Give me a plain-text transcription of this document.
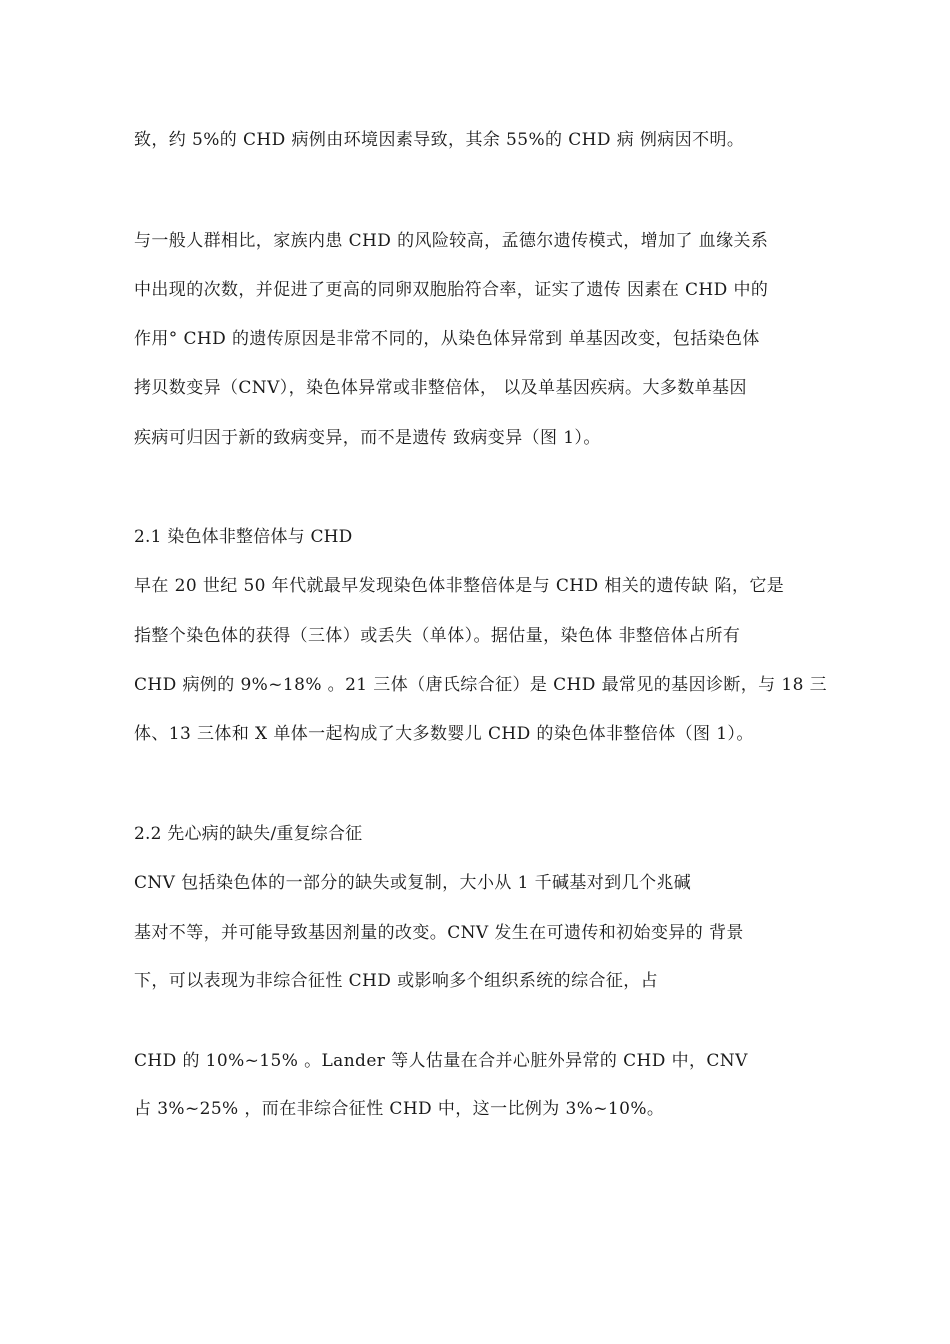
致，约 5%的 CHD 病例由环境因素导致，其余 55%的 CHD 病 例病因不明。
与一般人群相比，家族内患 CHD 的风险较高，孟德尔遗传模式，增加了 血缘关系
中出现的次数，并促进了更高的同卵双胞胎符合率，证实了遗传 因素在 CHD 中的
作用° CHD 的遗传原因是非常不同的，从染色体异常到 单基因改变，包括染色体
拷贝数变异（CNV），染色体异常或非整倍体， 以及单基因疾病。大多数单基因
疾病可归因于新的致病变异，而不是遗传 致病变异（图 1）。
2.1 染色体非整倍体与 CHD
早在 20 世纪 50 年代就最早发现染色体非整倍体是与 CHD 相关的遗传缺 陷，它是
指整个染色体的获得（三体）或丢失（单体）。据估量，染色体 非整倍体占所有
CHD 病例的 9%~18% 。21 三体（唐氏综合征）是 CHD 最常见的基因诊断，与 18 三
体、13 三体和 X 单体一起构成了大多数婴儿 CHD 的染色体非整倍体（图 1）。
2.2 先心病的缺失/重复综合征
CNV 包括染色体的一部分的缺失或复制，大小从 1 千碱基对到几个兆碱
基对不等，并可能导致基因剂量的改变。CNV 发生在可遗传和初始变异的 背景
下，可以表现为非综合征性 CHD 或影响多个组织系统的综合征，占
CHD 的 10%~15% 。Lander 等人估量在合并心脏外异常的 CHD 中，CNV
占 3%~25% ，而在非综合征性 CHD 中，这一比例为 3%~10%。
